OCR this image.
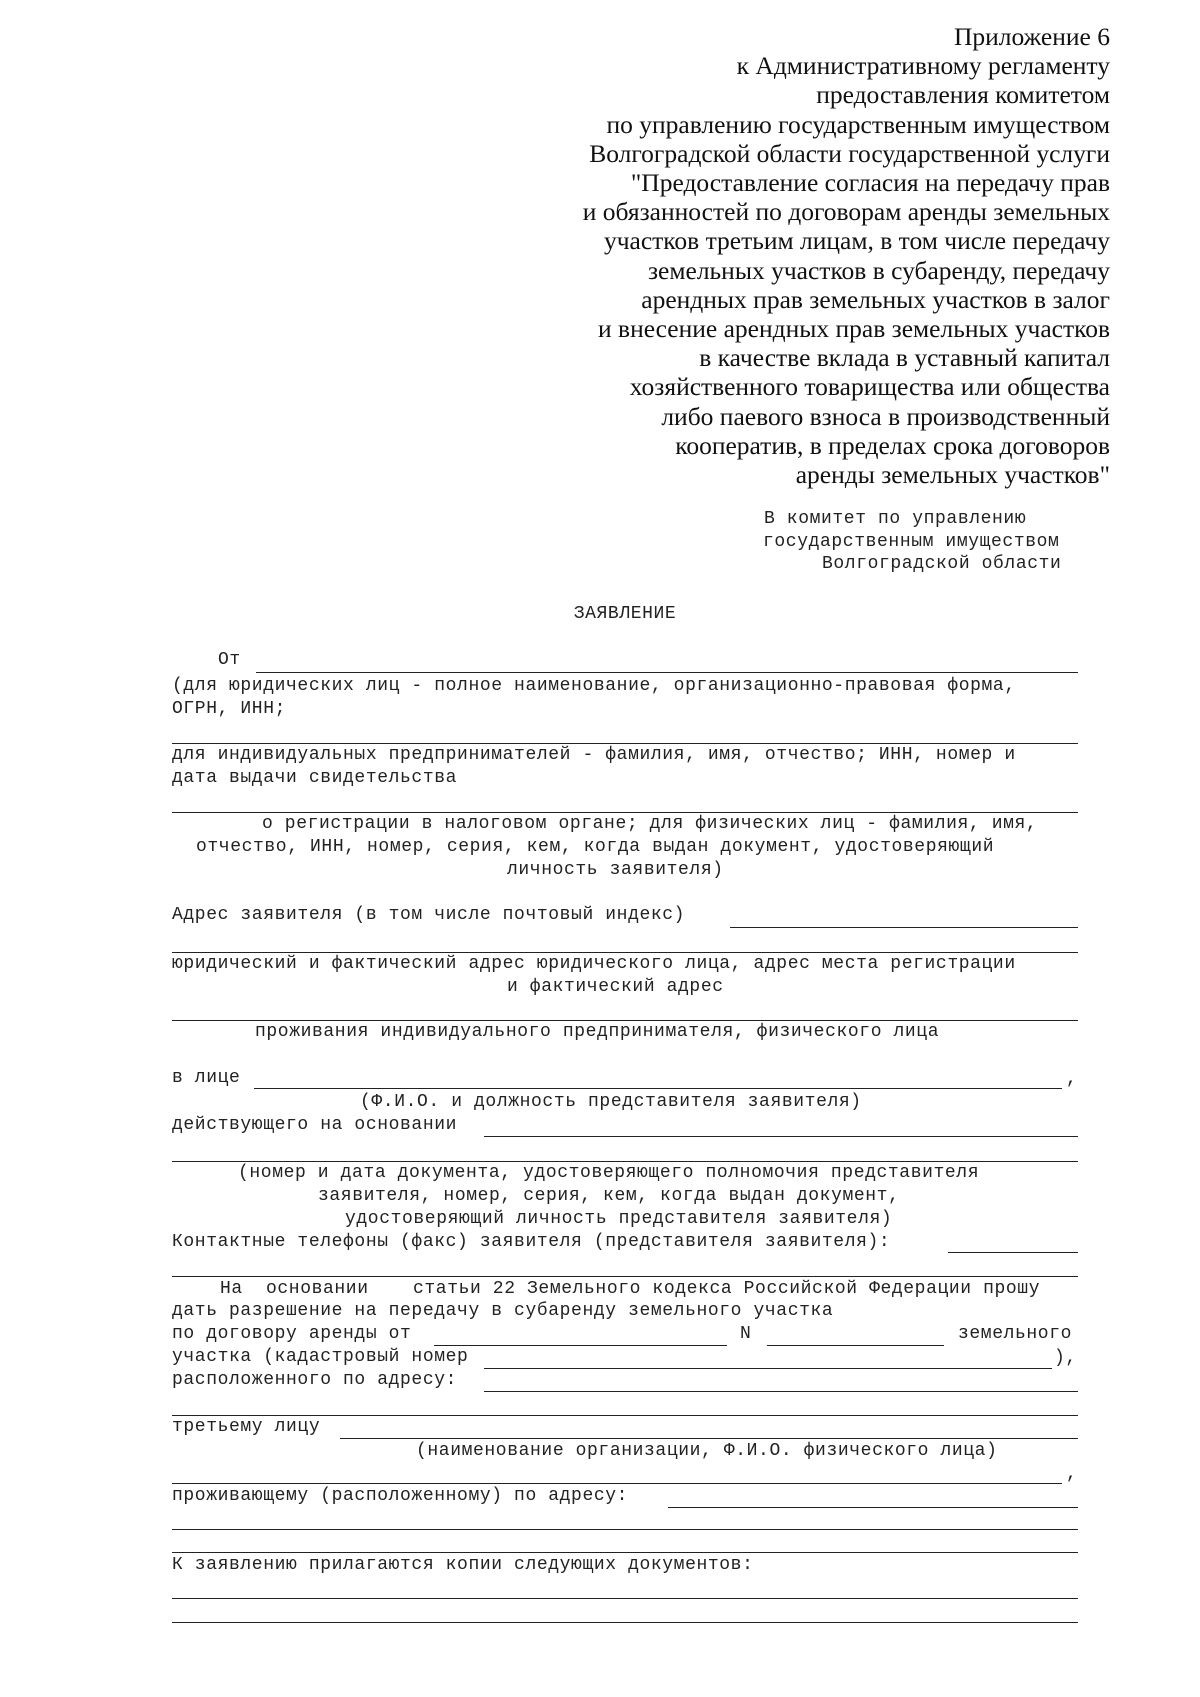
Приложение 6
к Административному регламенту
предоставления комитетом
по управлению государственным имуществом
Волгоградской области государственной услуги
"Предоставление согласия на передачу прав
и обязанностей по договорам аренды земельных
участков третьим лицам, в том числе передачу
земельных участков в субаренду, передачу
арендных прав земельных участков в залог
и внесение арендных прав земельных участков
в качестве вклада в уставный капитал
хозяйственного товарищества или общества
либо паевого взноса в производственный
кооператив, в пределах срока договоров
аренды земельных участков"
В комитет по управлению
государственным имуществом
Волгоградской области
ЗАЯВЛЕНИЕ
От
(для юридических лиц - полное наименование, организационно-правовая форма,
ОГРН, ИНН;
для индивидуальных предпринимателей - фамилия, имя, отчество; ИНН, номер и
дата выдачи свидетельства
о регистрации в налоговом органе; для физических лиц - фамилия, имя,
отчество, ИНН, номер, серия, кем, когда выдан документ, удостоверяющий
личность заявителя)
Адрес заявителя (в том числе почтовый индекс)
юридический и фактический адрес юридического лица, адрес места регистрации
и фактический адрес
проживания индивидуального предпринимателя, физического лица
в лице	,
(Ф.И.О. и должность представителя заявителя)
действующего на основании
(номер и дата документа, удостоверяющего полномочия представителя
заявителя, номер, серия, кем, когда выдан документ,
удостоверяющий личность представителя заявителя)
Контактные телефоны (факс) заявителя (представителя заявителя):
На основании статьи 22 Земельного кодекса Российской Федерации прошу
дать разрешение на передачу в субаренду земельного участка
по договору аренды от	N	земельного
участка (кадастровый номер	),
расположенного по адресу:
третьему лицу
(наименование организации, Ф.И.О. физического лица)
,
проживающему (расположенному) по адресу:
К заявлению прилагаются копии следующих документов:
